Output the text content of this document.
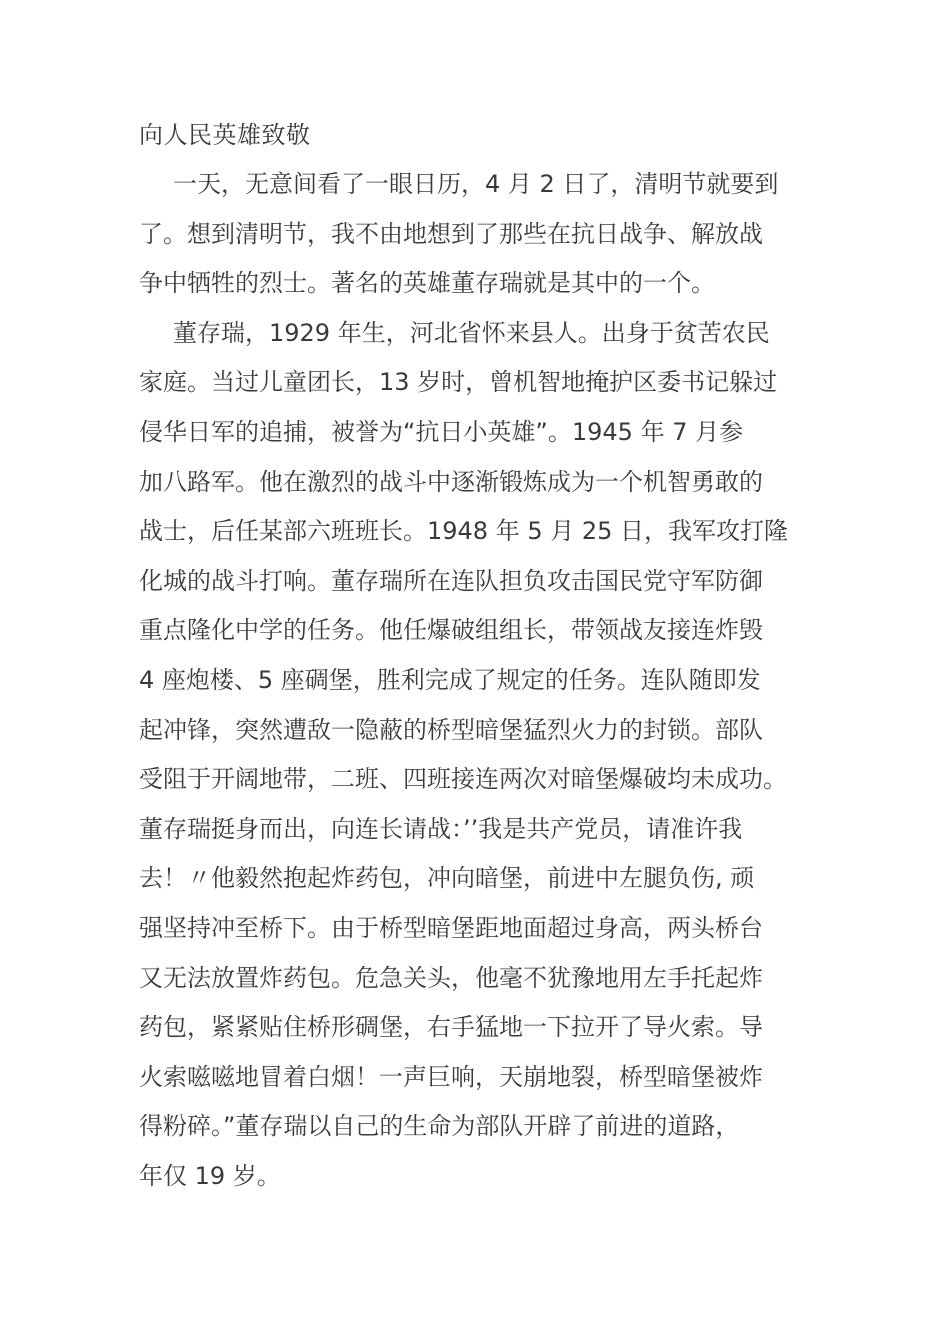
向人民英雄致敬

一天，无意间看了一眼日历，4 月 2 日了，清明节就要到
了。想到清明节，我不由地想到了那些在抗日战争、解放战
争中牺牲的烈士。著名的英雄董存瑞就是其中的一个。

董存瑞，1929 年生，河北省怀来县人。出身于贫苦农民
家庭。当过儿童团长，13 岁时，曾机智地掩护区委书记躲过
侵华日军的追捕，被誉为“抗日小英雄”。1945 年 7 月参
加八路军。他在激烈的战斗中逐渐锻炼成为一个机智勇敢的
战士，后任某部六班班长。1948 年 5 月 25 日，我军攻打隆
化城的战斗打响。董存瑞所在连队担负攻击国民党守军防御
重点隆化中学的任务。他任爆破组组长，带领战友接连炸毁
4 座炮楼、5 座碉堡，胜利完成了规定的任务。连队随即发
起冲锋，突然遭敌一隐蔽的桥型暗堡猛烈火力的封锁。部队
受阻于开阔地带，二班、四班接连两次对暗堡爆破均未成功。
董存瑞挺身而出，向连长请战：’’我是共产党员，请准许我
去！〃他毅然抱起炸药包，冲向暗堡，前进中左腿负伤, 顽
强坚持冲至桥下。由于桥型暗堡距地面超过身高，两头桥台
又无法放置炸药包。危急关头，他毫不犹豫地用左手托起炸
药包，紧紧贴住桥形碉堡，右手猛地一下拉开了导火索。导
火索嗞嗞地冒着白烟！一声巨响，天崩地裂，桥型暗堡被炸
得粉碎。”董存瑞以自己的生命为部队开辟了前进的道路，
年仅 19 岁。
